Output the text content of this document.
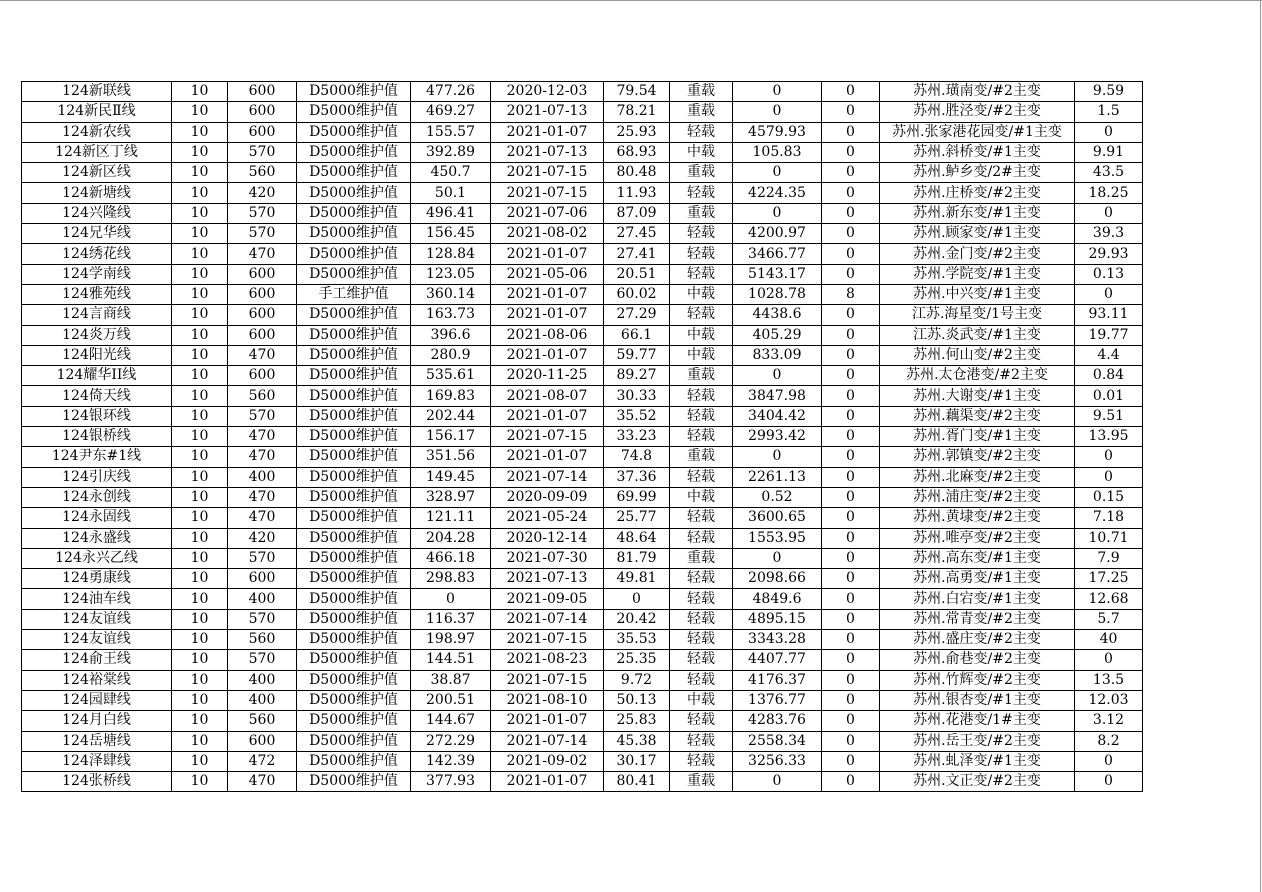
124新联线	10	600	D5000维护值	477.26	2020-12-03	79.54	重载	0	0	苏州.璜南变/#2主变	9.59
124新民Ⅱ线	10	600	D5000维护值	469.27	2021-07-13	78.21	重载	0	0	苏州.胜泾变/#2主变	1.5
124新农线	10	600	D5000维护值	155.57	2021-01-07	25.93	轻载	4579.93	0	苏州.张家港花园变/#1主变	0
124新区丁线	10	570	D5000维护值	392.89	2021-07-13	68.93	中载	105.83	0	苏州.斜桥变/#1主变	9.91
124新区线	10	560	D5000维护值	450.7	2021-07-15	80.48	重载	0	0	苏州.鲈乡变/2#主变	43.5
124新塘线	10	420	D5000维护值	50.1	2021-07-15	11.93	轻载	4224.35	0	苏州.庄桥变/#2主变	18.25
124兴隆线	10	570	D5000维护值	496.41	2021-07-06	87.09	重载	0	0	苏州.新东变/#1主变	0
124兄华线	10	570	D5000维护值	156.45	2021-08-02	27.45	轻载	4200.97	0	苏州.顾家变/#1主变	39.3
124绣花线	10	470	D5000维护值	128.84	2021-01-07	27.41	轻载	3466.77	0	苏州.金门变/#2主变	29.93
124学南线	10	600	D5000维护值	123.05	2021-05-06	20.51	轻载	5143.17	0	苏州.学院变/#1主变	0.13
124雅苑线	10	600	手工维护值	360.14	2021-01-07	60.02	中载	1028.78	8	苏州.中兴变/#1主变	0
124言商线	10	600	D5000维护值	163.73	2021-01-07	27.29	轻载	4438.6	0	江苏.海星变/1号主变	93.11
124炎万线	10	600	D5000维护值	396.6	2021-08-06	66.1	中载	405.29	0	江苏.炎武变/#1主变	19.77
124阳光线	10	470	D5000维护值	280.9	2021-01-07	59.77	中载	833.09	0	苏州.何山变/#2主变	4.4
124耀华II线	10	600	D5000维护值	535.61	2020-11-25	89.27	重载	0	0	苏州.太仓港变/#2主变	0.84
124倚天线	10	560	D5000维护值	169.83	2021-08-07	30.33	轻载	3847.98	0	苏州.大谢变/#1主变	0.01
124银环线	10	570	D5000维护值	202.44	2021-01-07	35.52	轻载	3404.42	0	苏州.藕渠变/#2主变	9.51
124银桥线	10	470	D5000维护值	156.17	2021-07-15	33.23	轻载	2993.42	0	苏州.胥门变/#1主变	13.95
124尹东#1线	10	470	D5000维护值	351.56	2021-01-07	74.8	重载	0	0	苏州.郭镇变/#2主变	0
124引庆线	10	400	D5000维护值	149.45	2021-07-14	37.36	轻载	2261.13	0	苏州.北麻变/#2主变	0
124永创线	10	470	D5000维护值	328.97	2020-09-09	69.99	中载	0.52	0	苏州.浦庄变/#2主变	0.15
124永固线	10	470	D5000维护值	121.11	2021-05-24	25.77	轻载	3600.65	0	苏州.黄埭变/#2主变	7.18
124永盛线	10	420	D5000维护值	204.28	2020-12-14	48.64	轻载	1553.95	0	苏州.唯亭变/#2主变	10.71
124永兴乙线	10	570	D5000维护值	466.18	2021-07-30	81.79	重载	0	0	苏州.高东变/#1主变	7.9
124勇康线	10	600	D5000维护值	298.83	2021-07-13	49.81	轻载	2098.66	0	苏州.高勇变/#1主变	17.25
124油车线	10	400	D5000维护值	0	2021-09-05	0	轻载	4849.6	0	苏州.白宕变/#1主变	12.68
124友谊线	10	570	D5000维护值	116.37	2021-07-14	20.42	轻载	4895.15	0	苏州.常青变/#2主变	5.7
124友谊线	10	560	D5000维护值	198.97	2021-07-15	35.53	轻载	3343.28	0	苏州.盛庄变/#2主变	40
124俞王线	10	570	D5000维护值	144.51	2021-08-23	25.35	轻载	4407.77	0	苏州.俞巷变/#2主变	0
124裕棠线	10	400	D5000维护值	38.87	2021-07-15	9.72	轻载	4176.37	0	苏州.竹辉变/#2主变	13.5
124园肆线	10	400	D5000维护值	200.51	2021-08-10	50.13	中载	1376.77	0	苏州.银杏变/#1主变	12.03
124月白线	10	560	D5000维护值	144.67	2021-01-07	25.83	轻载	4283.76	0	苏州.花港变/1#主变	3.12
124岳塘线	10	600	D5000维护值	272.29	2021-07-14	45.38	轻载	2558.34	0	苏州.岳王变/#2主变	8.2
124泽肆线	10	472	D5000维护值	142.39	2021-09-02	30.17	轻载	3256.33	0	苏州.虬泽变/#1主变	0
124张桥线	10	470	D5000维护值	377.93	2021-01-07	80.41	重载	0	0	苏州.文正变/#2主变	0
